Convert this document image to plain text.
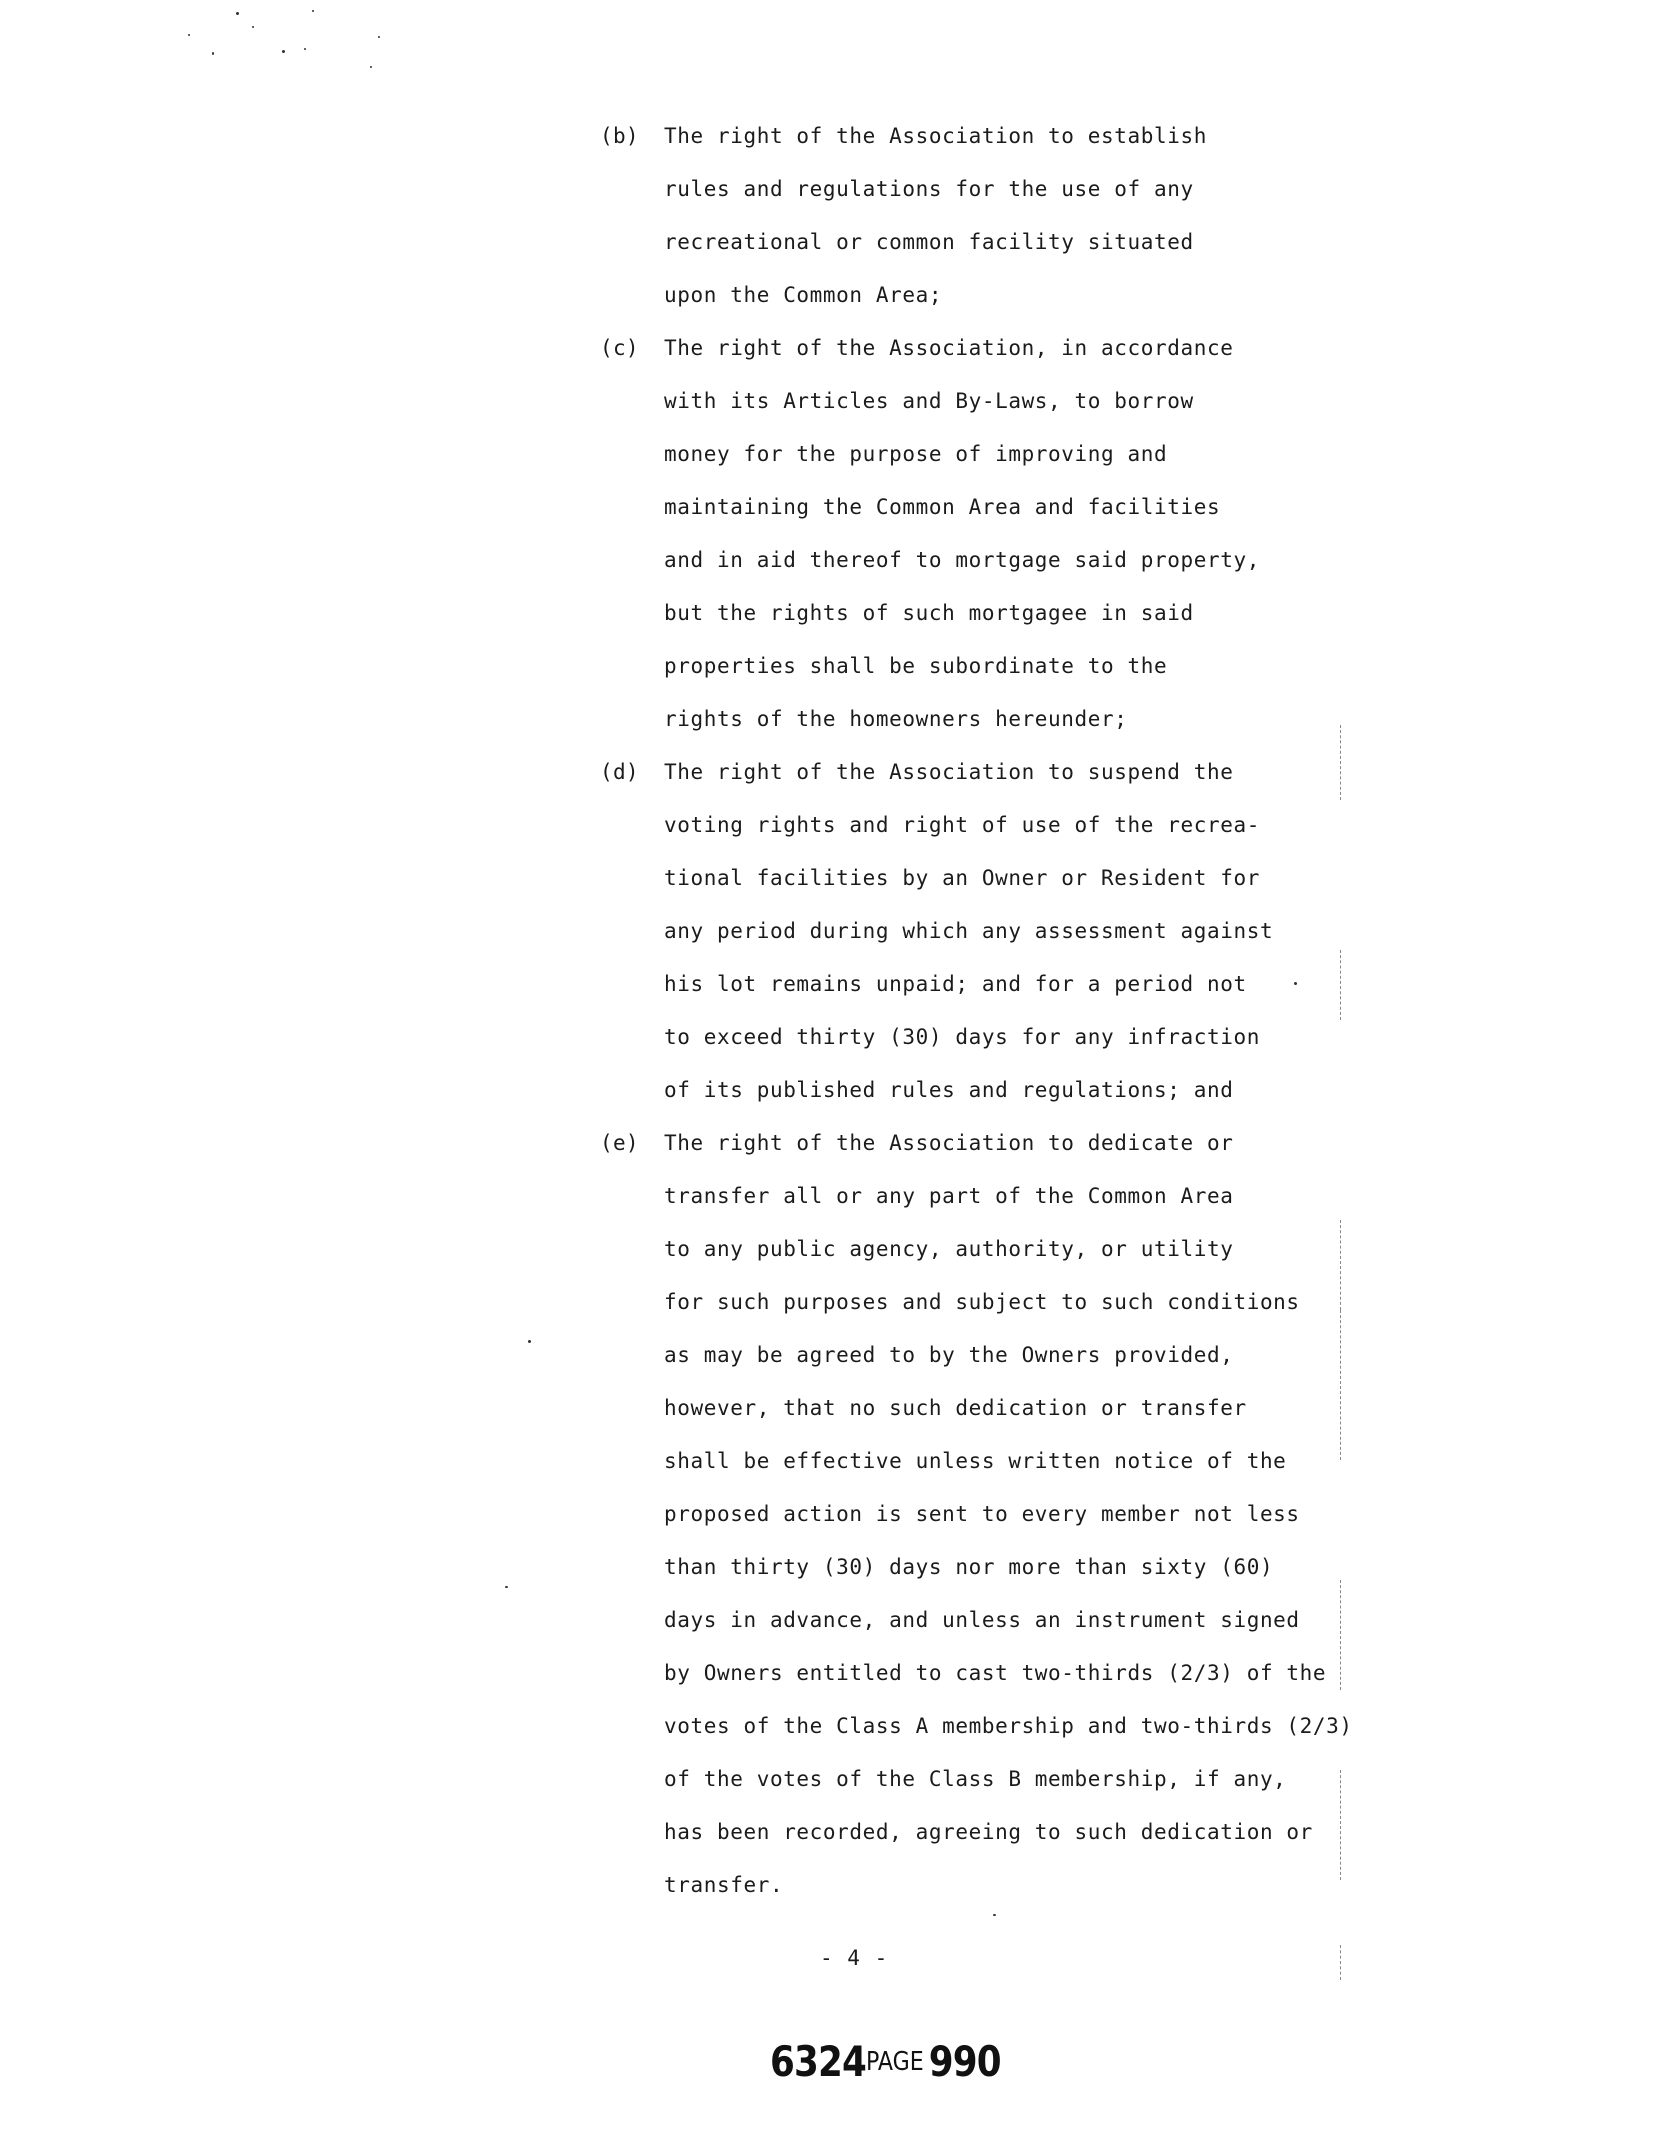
(b) The right of the Association to establish
rules and regulations for the use of any
recreational or common facility situated
upon the Common Area;
(c) The right of the Association, in accordance
with its Articles and By-Laws, to borrow
money for the purpose of improving and
maintaining the Common Area and facilities
and in aid thereof to mortgage said property,
but the rights of such mortgagee in said
properties shall be subordinate to the
rights of the homeowners hereunder;
(d) The right of the Association to suspend the
voting rights and right of use of the recrea-
tional facilities by an Owner or Resident for
any period during which any assessment against
his lot remains unpaid; and for a period not
to exceed thirty (30) days for any infraction
of its published rules and regulations; and
(e) The right of the Association to dedicate or
transfer all or any part of the Common Area
to any public agency, authority, or utility
for such purposes and subject to such conditions
as may be agreed to by the Owners provided,
however, that no such dedication or transfer
shall be effective unless written notice of the
proposed action is sent to every member not less
than thirty (30) days nor more than sixty (60)
days in advance, and unless an instrument signed
by Owners entitled to cast two-thirds (2/3) of the
votes of the Class A membership and two-thirds (2/3)
of the votes of the Class B membership, if any,
has been recorded, agreeing to such dedication or
transfer.
- 4 -
6324PAGE 990
